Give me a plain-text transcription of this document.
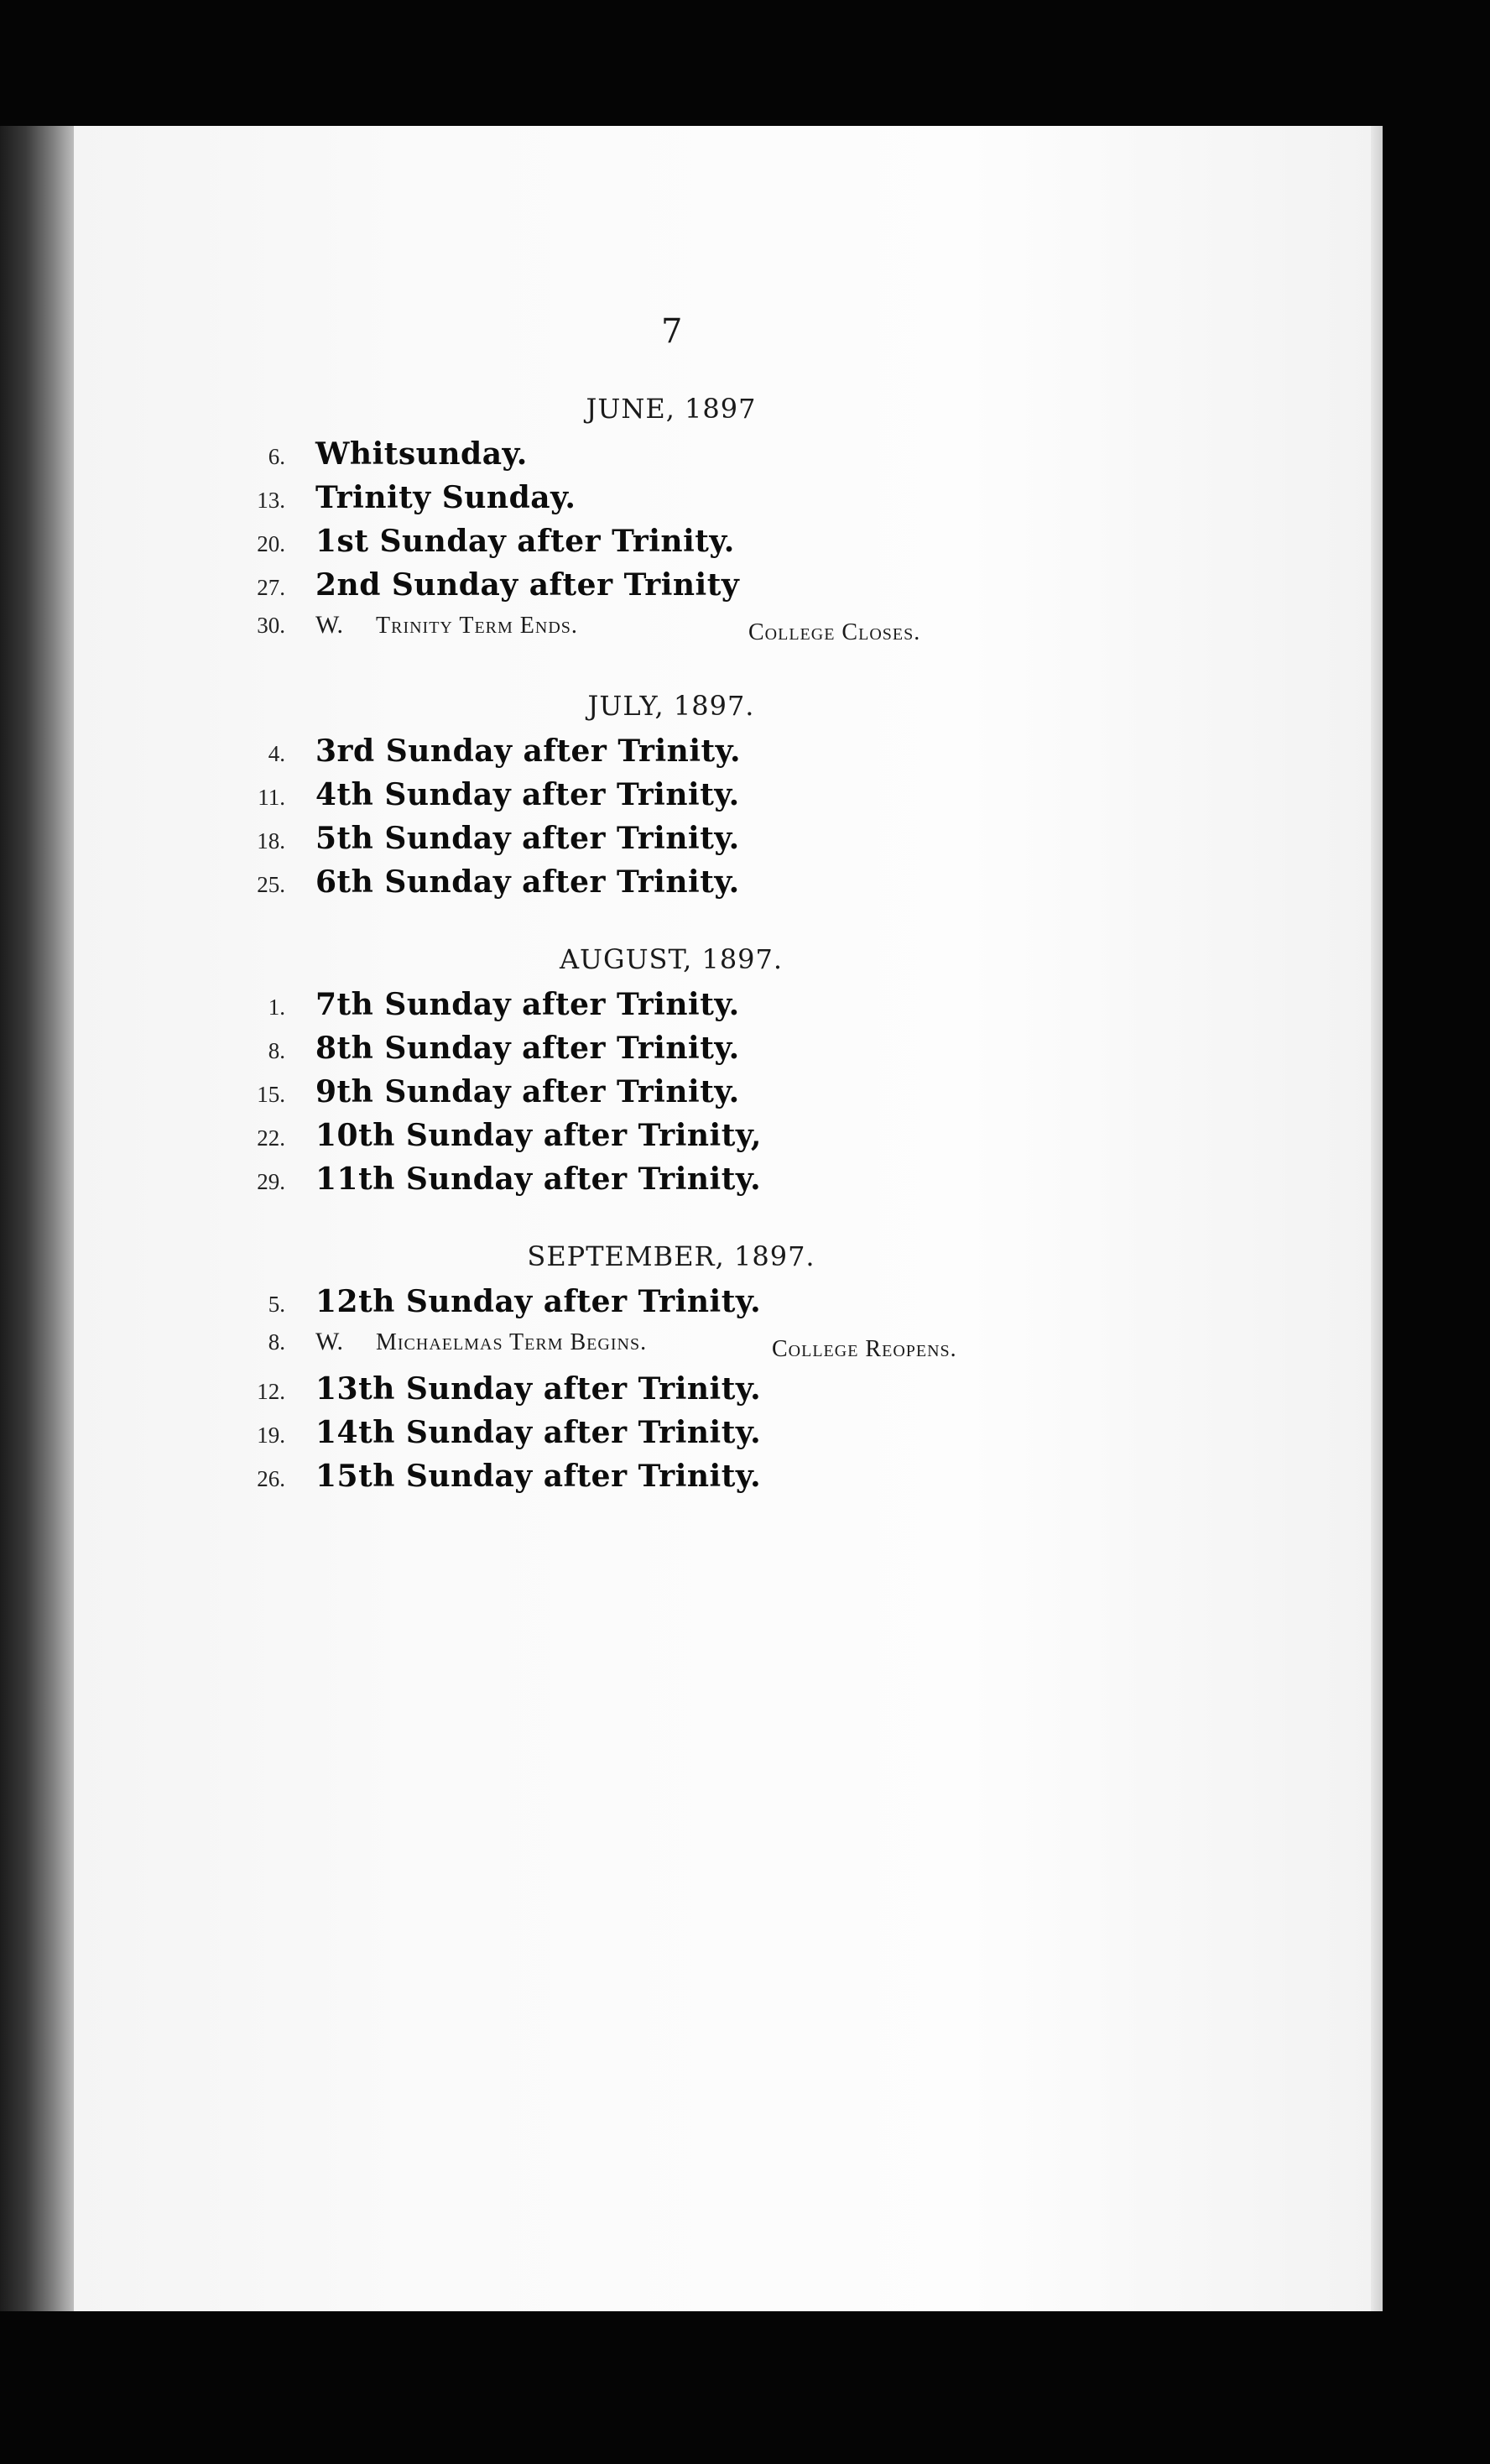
7
JUNE, 1897
6. Whitsunday.
13. Trinity Sunday.
20. 1st Sunday after Trinity.
27. 2nd Sunday after Trinity
30. W.	Trinity Term Ends.	College Closes.
JULY, 1897.
4. 3rd Sunday after Trinity.
11. 4th Sunday after Trinity.
18. 5th Sunday after Trinity.
25. 6th Sunday after Trinity.
AUGUST, 1897.
1. 7th Sunday after Trinity.
8. 8th Sunday after Trinity.
15. 9th Sunday after Trinity.
22. 10th Sunday after Trinity,
29. 11th Sunday after Trinity.
SEPTEMBER, 1897.
5. 12th Sunday after Trinity.
8. W.	Michaelmas Term Begins.	College Reopens.
12. 13th Sunday after Trinity.
19. 14th Sunday after Trinity.
26. 15th Sunday after Trinity.
